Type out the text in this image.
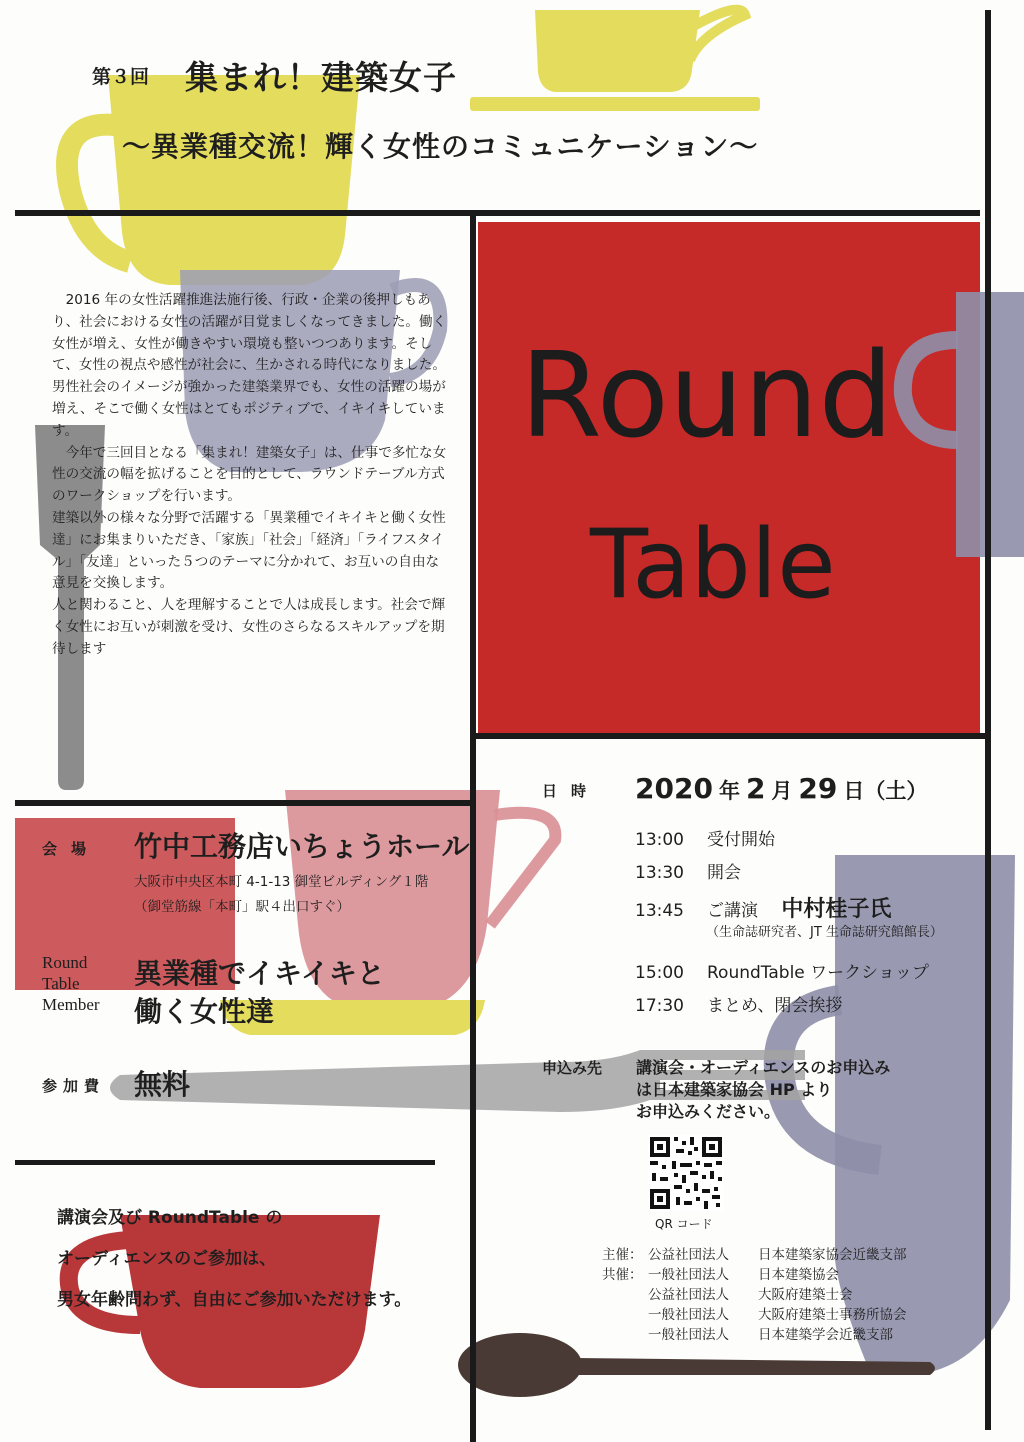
第３回 集まれ！建築女子
～異業種交流！輝く女性のコミュニケーション～

2016 年の女性活躍推進法施行後、行政・企業の後押しもあり、社会における女性の活躍が目覚ましくなってきました。働く女性が増え、女性が働きやすい環境も整いつつあります。そして、女性の視点や感性が社会に、生かされる時代になりました。

男性社会のイメージが強かった建築業界でも、女性の活躍の場が増え、そこで働く女性はとてもポジティブで、イキイキしています。

今年で三回目となる「集まれ！建築女子」は、仕事で多忙な女性の交流の幅を拡げることを目的として、ラウンドテーブル方式のワークショップを行います。

建築以外の様々な分野で活躍する「異業種でイキイキと働く女性達」にお集まりいただき、「家族」「社会」「経済」「ライフスタイル」「友達」といった５つのテーマに分かれて、お互いの自由な意見を交換します。

人と関わること、人を理解することで人は成長します。社会で輝く女性にお互いが刺激を受け、女性のさらなるスキルアップを期待します

Round
Table
日時 2020 年 2 月 29 日（土）
13:00 受付開始
13:30 開会
13:45 ご講演 中村桂子氏
（生命誌研究者、JT 生命誌研究館館長）
15:00 RoundTable ワークショップ
17:30 まとめ、閉会挨拶
会場 竹中工務店いちょうホール
大阪市中央区本町 4-1-13 御堂ビルディング１階
（御堂筋線「本町」駅４出口すぐ）
Round
Table
Member
異業種でイキイキと
働く女性達
参加費 無料	申込み先 講演会・オーディエンスのお申込み
は日本建築家協会 HP より
お申込みください。
QR コード
講演会及び RoundTable の
オーディエンスのご参加は、
男女年齢問わず、自由にご参加いただけます。
主催： 公益社団法人 日本建築家協会近畿支部
共催： 一般社団法人 日本建築協会
公益社団法人 大阪府建築士会
一般社団法人 大阪府建築士事務所協会
一般社団法人 日本建築学会近畿支部
